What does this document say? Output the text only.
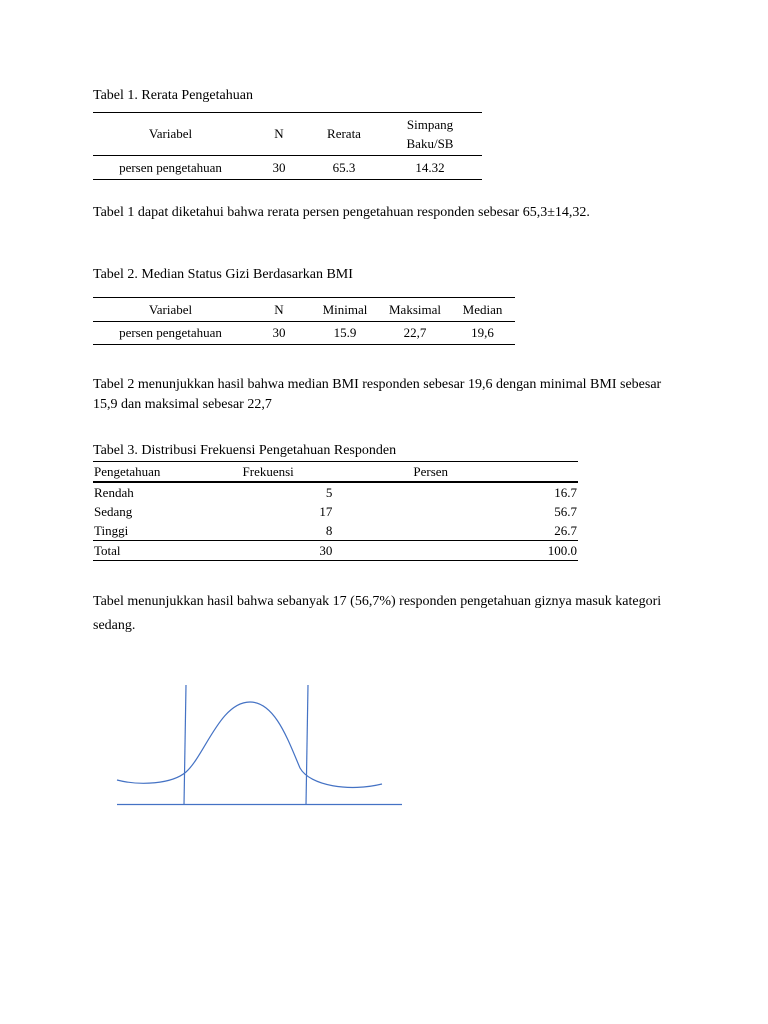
Tabel 1. Rerata Pengetahuan
Variabel	N	Rerata	Simpang Baku/SB
persen pengetahuan	30	65.3	14.32
Tabel 1 dapat diketahui bahwa rerata persen pengetahuan responden sebesar 65,3±14,32.
Tabel 2. Median Status Gizi Berdasarkan BMI
Variabel	N	Minimal	Maksimal	Median
persen pengetahuan	30	15.9	22,7	19,6
Tabel 2 menunjukkan hasil bahwa median BMI responden sebesar 19,6 dengan minimal BMI sebesar 15,9 dan maksimal sebesar 22,7
Tabel 3. Distribusi Frekuensi Pengetahuan Responden
Pengetahuan	Frekuensi	Persen	
Rendah	5		16.7
Sedang	17		56.7
Tinggi	8		26.7
Total	30		100.0
Tabel menunjukkan hasil bahwa sebanyak 17 (56,7%) responden pengetahuan giznya masuk kategori sedang.
